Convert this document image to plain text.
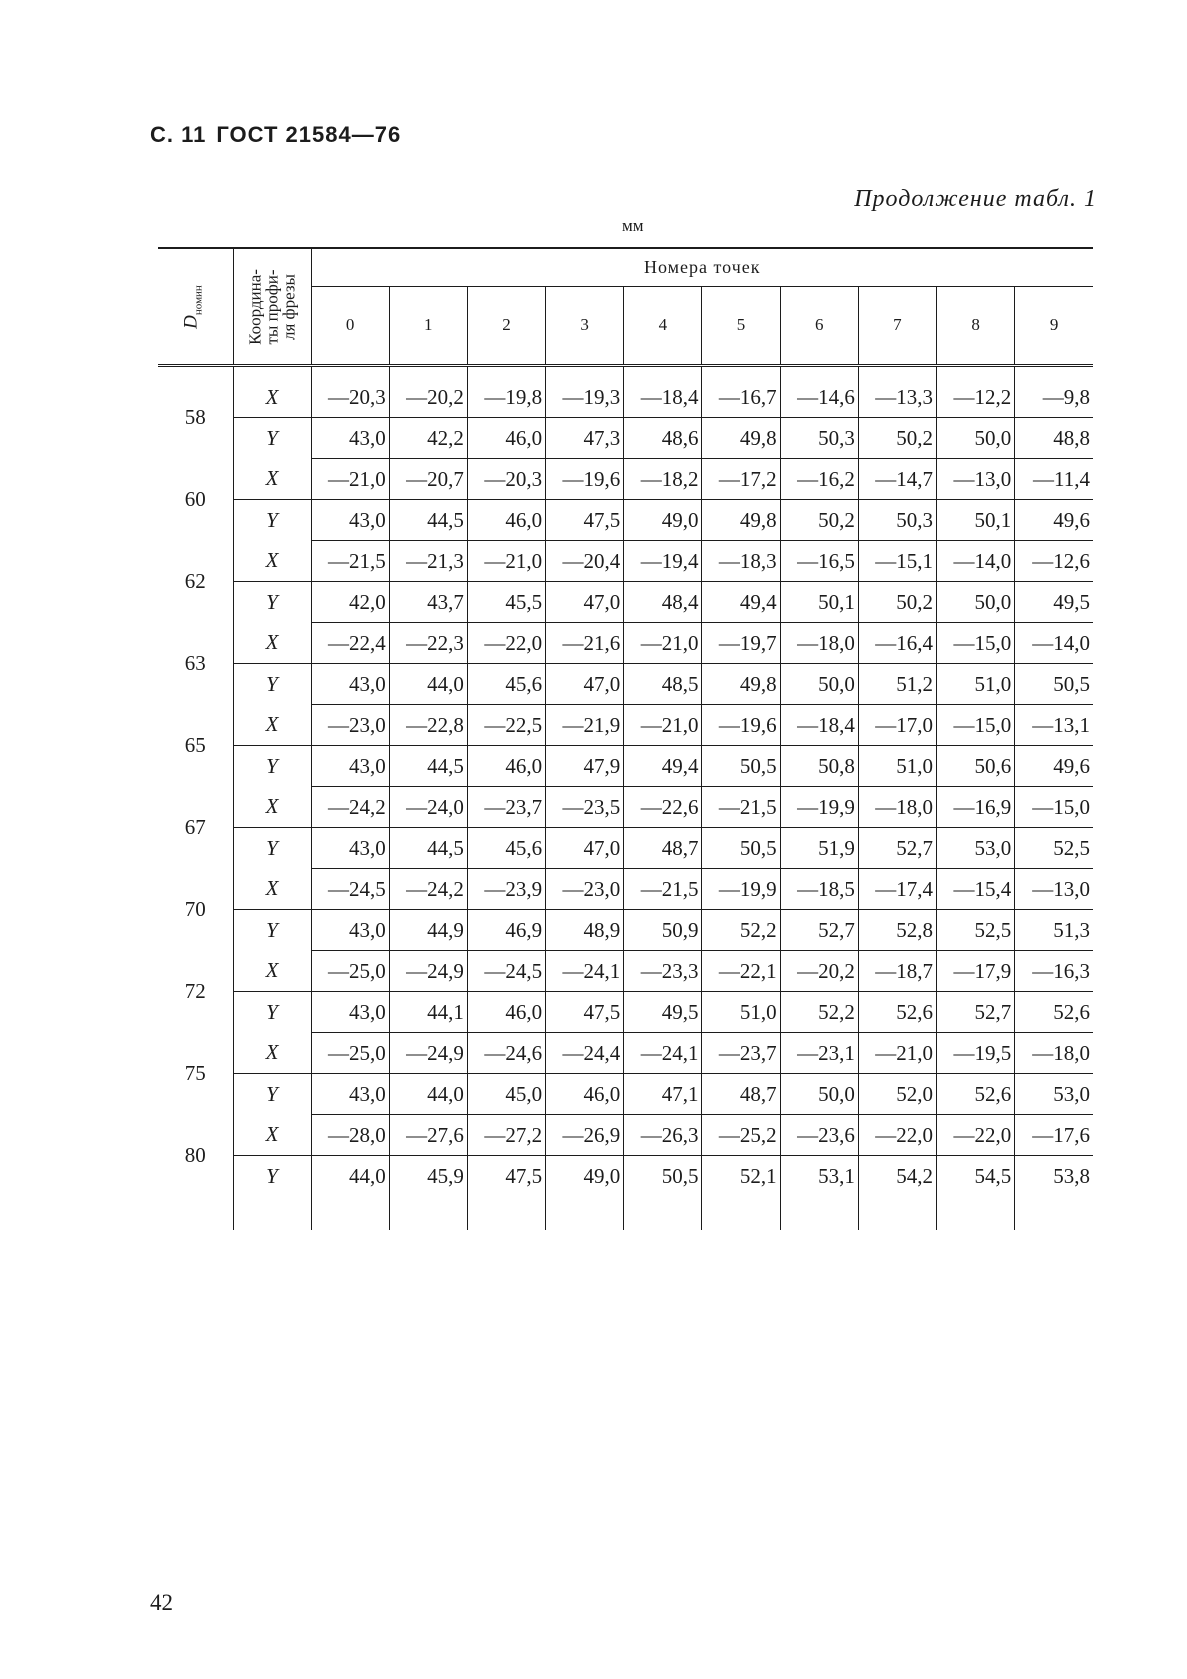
С. 11 ГОСТ 21584—76
Продолжение табл. 1
мм
$D_{номин}$	Координа-
ты профи-
ля фрезы	Номера точек									
		0	1	2	3	4	5	6	7	8	9

58	X	—20,3	—20,2	—19,8	—19,3	—18,4	—16,7	—14,6	—13,3	—12,2	—9,8
	Y	43,0	42,2	46,0	47,3	48,6	49,8	50,3	50,2	50,0	48,8
60	X	—21,0	—20,7	—20,3	—19,6	—18,2	—17,2	—16,2	—14,7	—13,0	—11,4
	Y	43,0	44,5	46,0	47,5	49,0	49,8	50,2	50,3	50,1	49,6
62	X	—21,5	—21,3	—21,0	—20,4	—19,4	—18,3	—16,5	—15,1	—14,0	—12,6
	Y	42,0	43,7	45,5	47,0	48,4	49,4	50,1	50,2	50,0	49,5
63	X	—22,4	—22,3	—22,0	—21,6	—21,0	—19,7	—18,0	—16,4	—15,0	—14,0
	Y	43,0	44,0	45,6	47,0	48,5	49,8	50,0	51,2	51,0	50,5
65	X	—23,0	—22,8	—22,5	—21,9	—21,0	—19,6	—18,4	—17,0	—15,0	—13,1
	Y	43,0	44,5	46,0	47,9	49,4	50,5	50,8	51,0	50,6	49,6
67	X	—24,2	—24,0	—23,7	—23,5	—22,6	—21,5	—19,9	—18,0	—16,9	—15,0
	Y	43,0	44,5	45,6	47,0	48,7	50,5	51,9	52,7	53,0	52,5
70	X	—24,5	—24,2	—23,9	—23,0	—21,5	—19,9	—18,5	—17,4	—15,4	—13,0
	Y	43,0	44,9	46,9	48,9	50,9	52,2	52,7	52,8	52,5	51,3
72	X	—25,0	—24,9	—24,5	—24,1	—23,3	—22,1	—20,2	—18,7	—17,9	—16,3
	Y	43,0	44,1	46,0	47,5	49,5	51,0	52,2	52,6	52,7	52,6
75	X	—25,0	—24,9	—24,6	—24,4	—24,1	—23,7	—23,1	—21,0	—19,5	—18,0
	Y	43,0	44,0	45,0	46,0	47,1	48,7	50,0	52,0	52,6	53,0
80	X	—28,0	—27,6	—27,2	—26,9	—26,3	—25,2	—23,6	—22,0	—22,0	—17,6
	Y	44,0	45,9	47,5	49,0	50,5	52,1	53,1	54,2	54,5	53,8

42
